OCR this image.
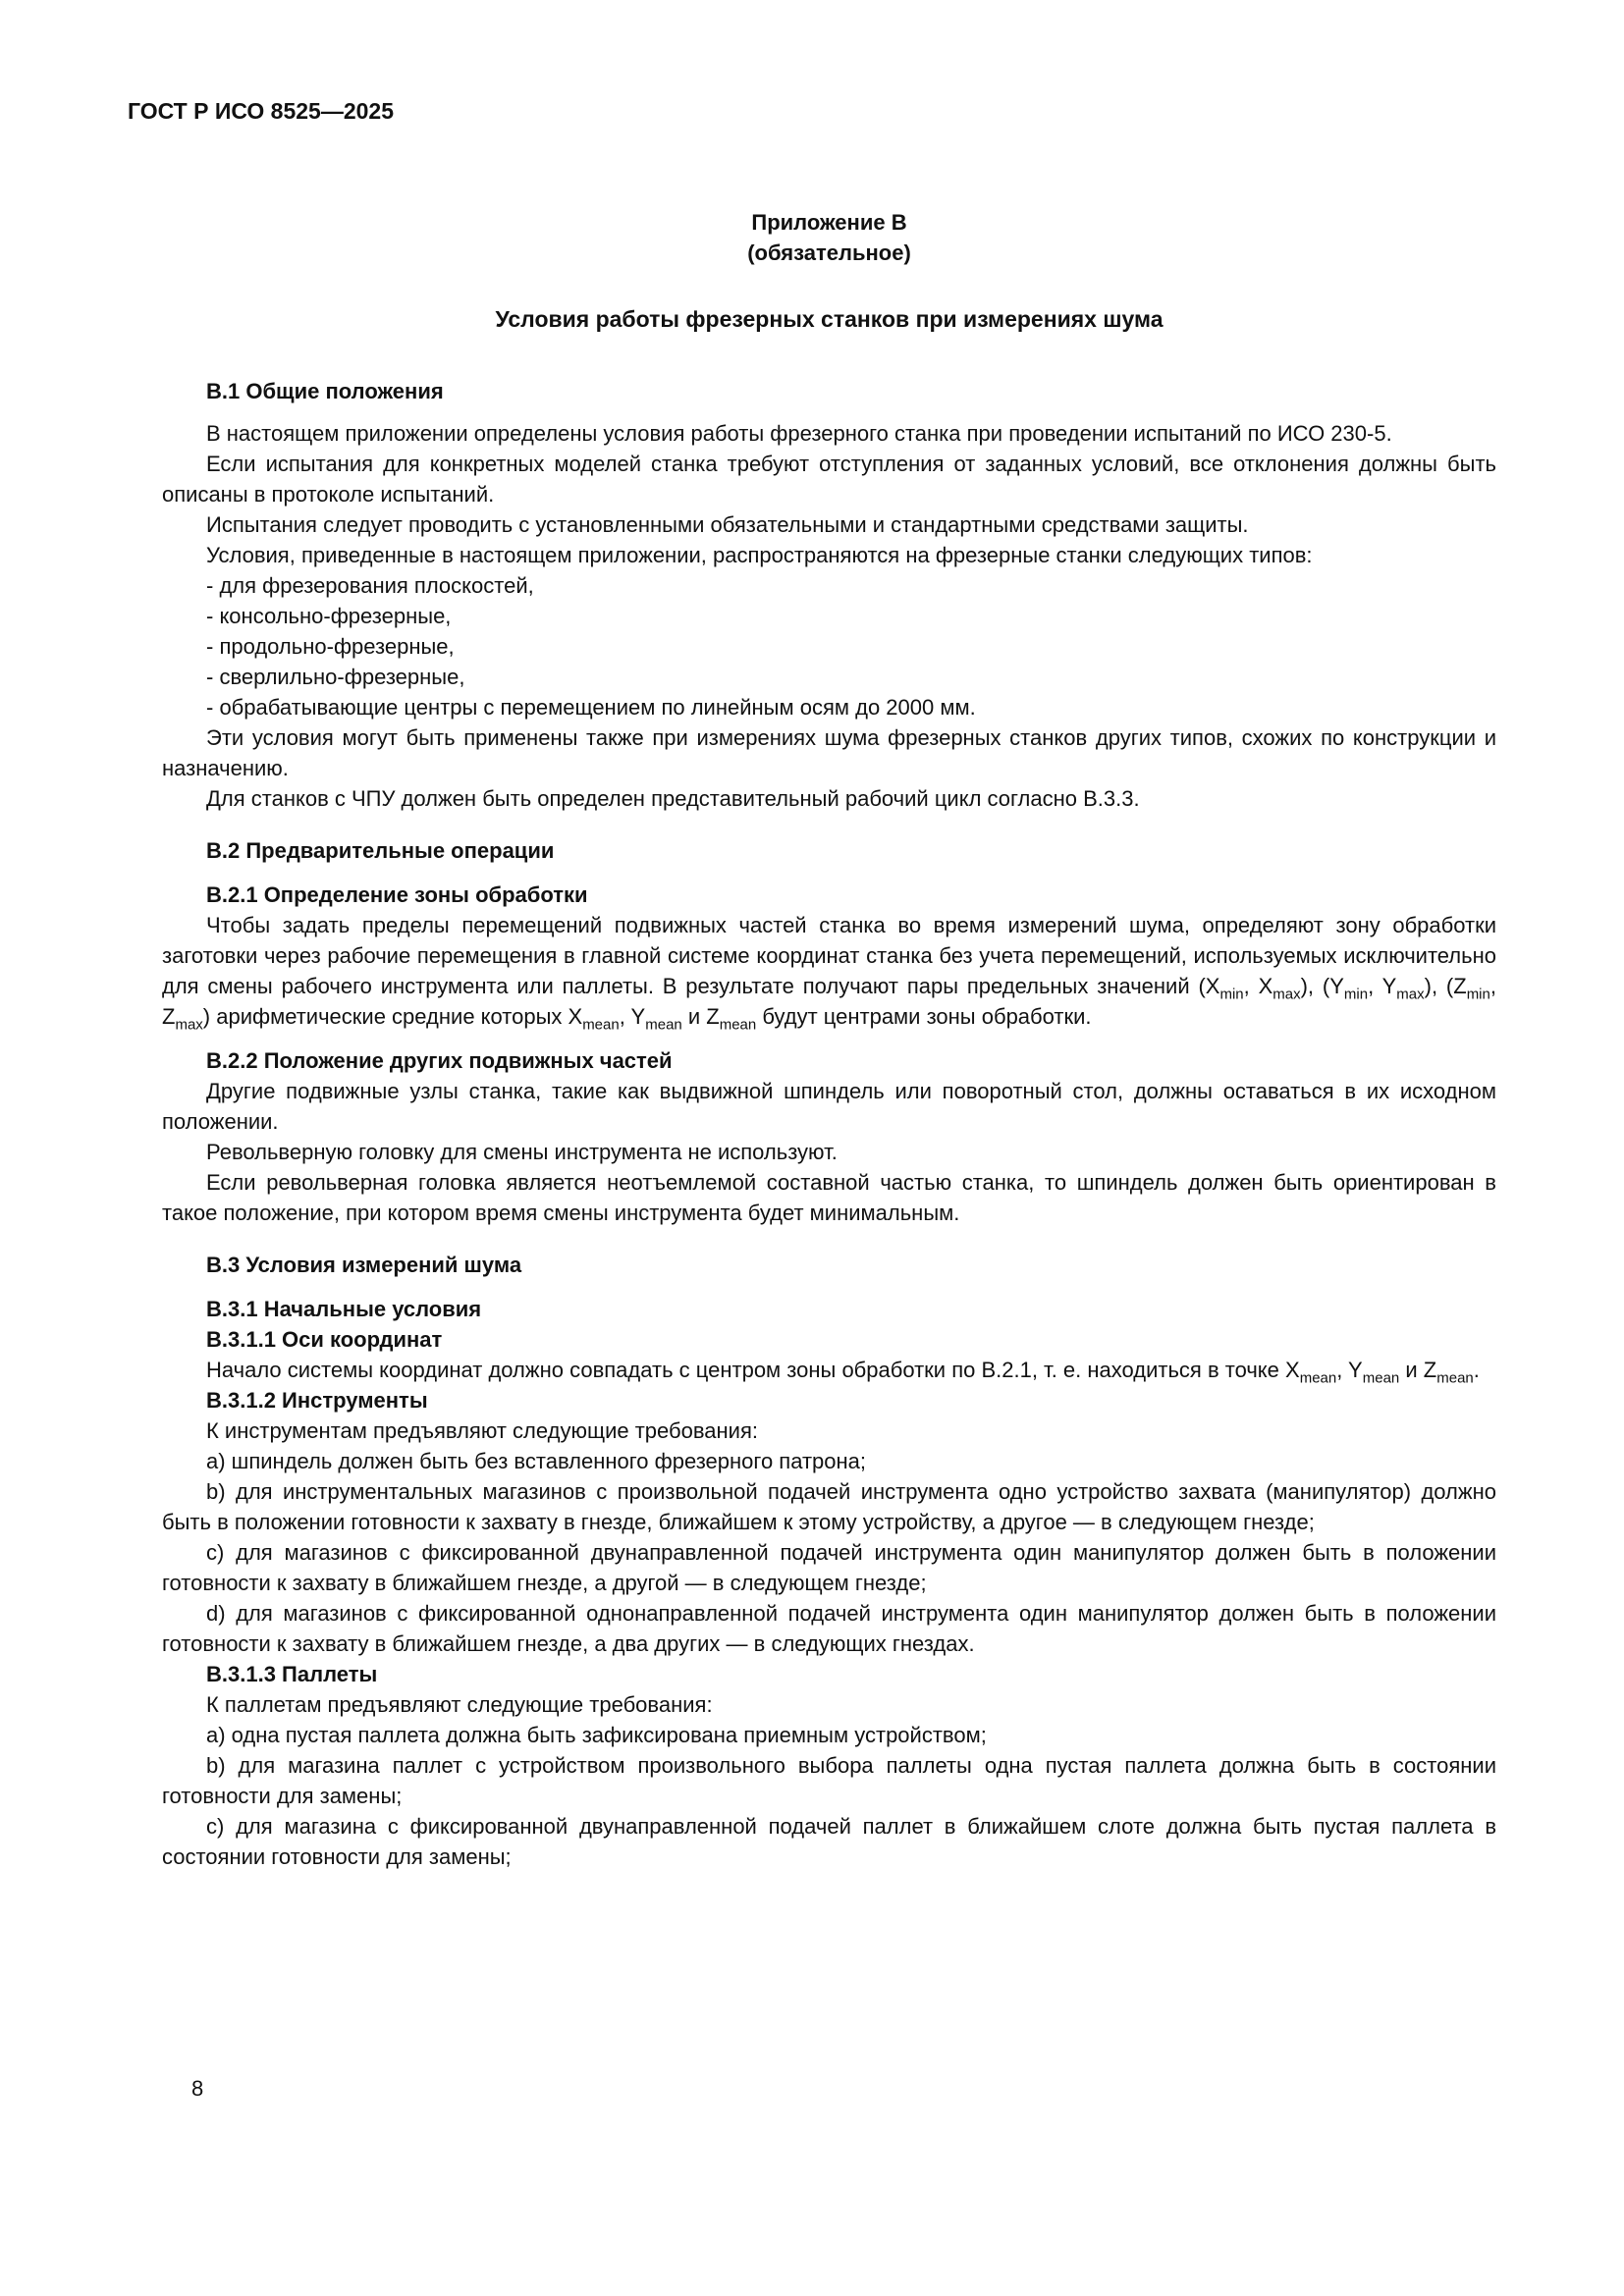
ГОСТ Р ИСО 8525—2025

Приложение В
(обязательное)

Условия работы фрезерных станков при измерениях шума

В.1 Общие положения

В настоящем приложении определены условия работы фрезерного станка при проведении испытаний по ИСО 230-5.

Если испытания для конкретных моделей станка требуют отступления от заданных условий, все отклонения должны быть описаны в протоколе испытаний.

Испытания следует проводить с установленными обязательными и стандартными средствами защиты.

Условия, приведенные в настоящем приложении, распространяются на фрезерные станки следующих типов:

- для фрезерования плоскостей,

- консольно-фрезерные,

- продольно-фрезерные,

- сверлильно-фрезерные,

- обрабатывающие центры с перемещением по линейным осям до 2000 мм.

Эти условия могут быть применены также при измерениях шума фрезерных станков других типов, схожих по конструкции и назначению.

Для станков с ЧПУ должен быть определен представительный рабочий цикл согласно В.3.3.

В.2 Предварительные операции

В.2.1 Определение зоны обработки

Чтобы задать пределы перемещений подвижных частей станка во время измерений шума, определяют зону обработки заготовки через рабочие перемещения в главной системе координат станка без учета перемещений, используемых исключительно для смены рабочего инструмента или паллеты. В результате получают пары предельных значений ($X_{min}$, $X_{max}$), ($Y_{min}$, $Y_{max}$), ($Z_{min}$, $Z_{max}$) арифметические средние которых $X_{mean}$, $Y_{mean}$ и $Z_{mean}$ будут центрами зоны обработки.

В.2.2 Положение других подвижных частей

Другие подвижные узлы станка, такие как выдвижной шпиндель или поворотный стол, должны оставаться в их исходном положении.

Револьверную головку для смены инструмента не используют.

Если револьверная головка является неотъемлемой составной частью станка, то шпиндель должен быть ориентирован в такое положение, при котором время смены инструмента будет минимальным.

В.3 Условия измерений шума

В.3.1 Начальные условия

В.3.1.1 Оси координат

Начало системы координат должно совпадать с центром зоны обработки по В.2.1, т. е. находиться в точке $X_{mean}$, $Y_{mean}$ и $Z_{mean}$.

В.3.1.2 Инструменты

К инструментам предъявляют следующие требования:

a) шпиндель должен быть без вставленного фрезерного патрона;

b) для инструментальных магазинов с произвольной подачей инструмента одно устройство захвата (манипулятор) должно быть в положении готовности к захвату в гнезде, ближайшем к этому устройству, а другое — в следующем гнезде;

c) для магазинов с фиксированной двунаправленной подачей инструмента один манипулятор должен быть в положении готовности к захвату в ближайшем гнезде, а другой — в следующем гнезде;

d) для магазинов с фиксированной однонаправленной подачей инструмента один манипулятор должен быть в положении готовности к захвату в ближайшем гнезде, а два других — в следующих гнездах.

В.3.1.3 Паллеты

К паллетам предъявляют следующие требования:

a) одна пустая паллета должна быть зафиксирована приемным устройством;

b) для магазина паллет с устройством произвольного выбора паллеты одна пустая паллета должна быть в состоянии готовности для замены;

c) для магазина с фиксированной двунаправленной подачей паллет в ближайшем слоте должна быть пустая паллета в состоянии готовности для замены;

8
